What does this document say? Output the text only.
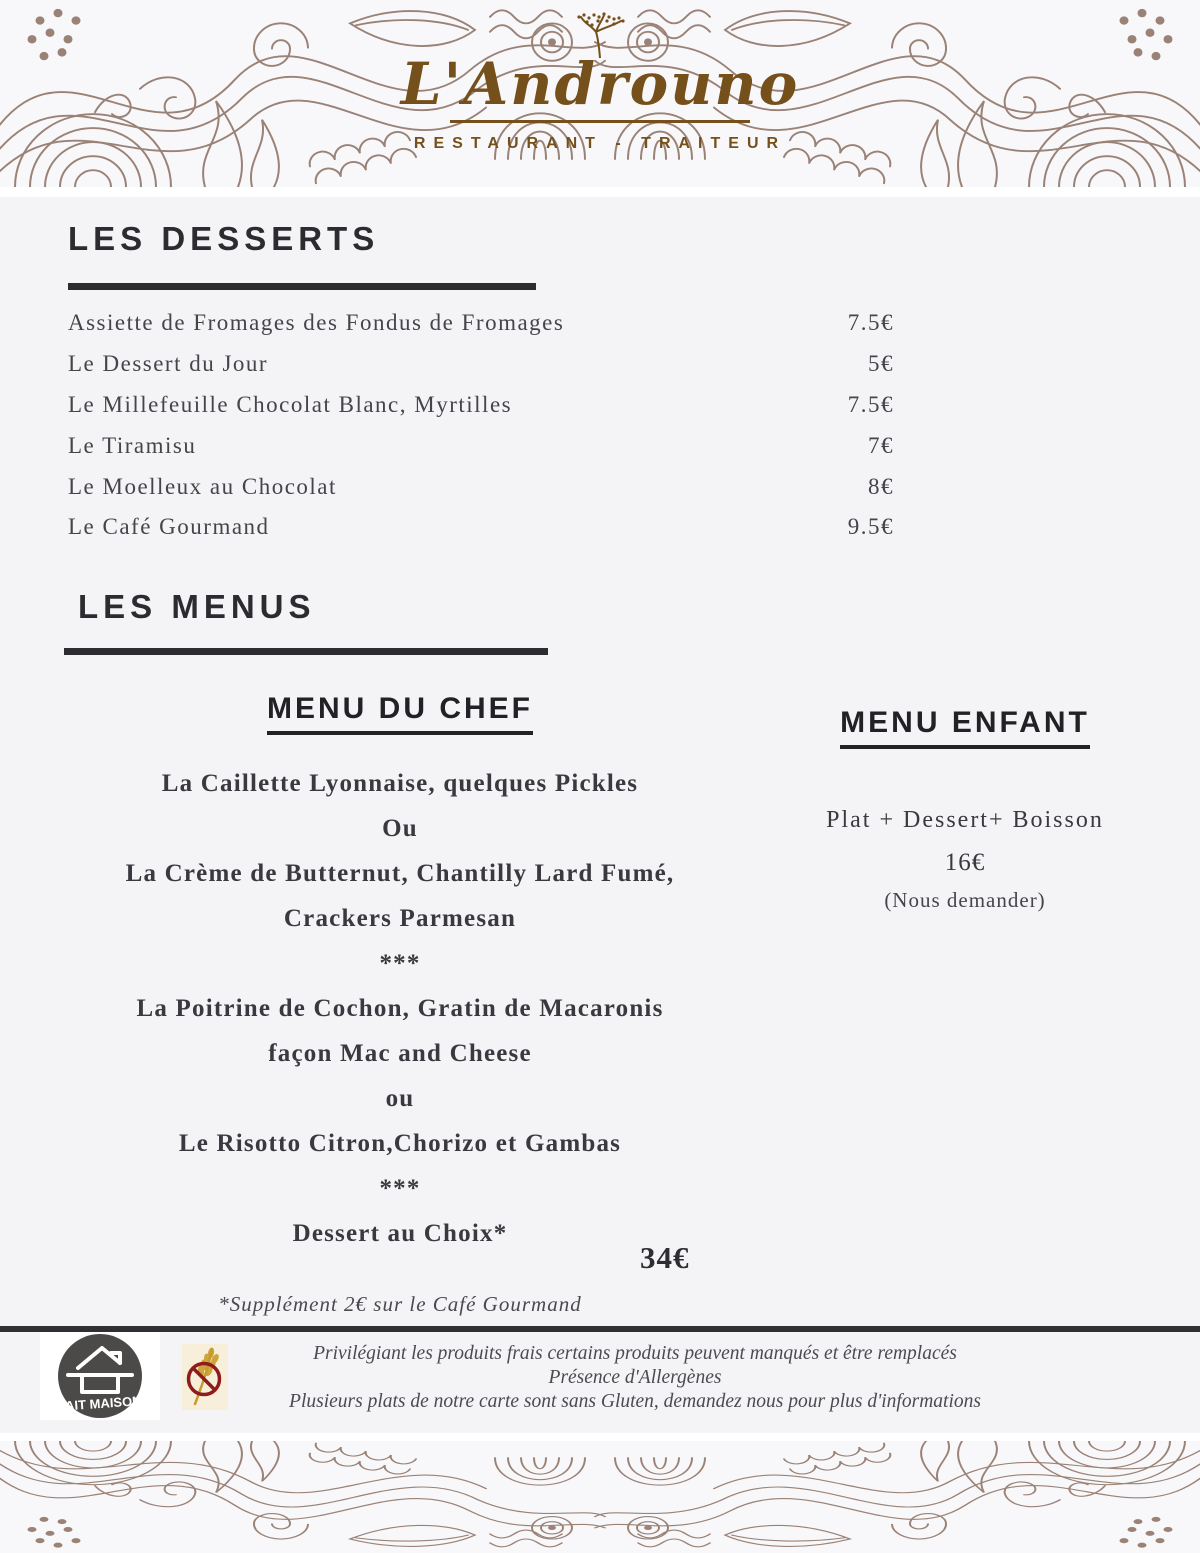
L'Androuno
RESTAURANT - TRAITEUR
LES DESSERTS
Assiette de Fromages des Fondus de Fromages	7.5€
Le Dessert du Jour	5€
Le Millefeuille Chocolat Blanc, Myrtilles	7.5€
Le Tiramisu	7€
Le Moelleux au Chocolat	8€
Le Café Gourmand	9.5€
LES MENUS
MENU DU CHEF
La Caillette Lyonnaise, quelques Pickles
Ou
La Crème de Butternut, Chantilly Lard Fumé,
Crackers Parmesan
***
La Poitrine de Cochon, Gratin de Macaronis
façon Mac and Cheese
ou
Le Risotto Citron,Chorizo et Gambas
***
Dessert au Choix*
34€
*Supplément 2€ sur le Café Gourmand
MENU ENFANT
Plat + Dessert+ Boisson
16€
(Nous demander)
FAIT MAISON
Privilégiant les produits frais certains produits peuvent manqués et être remplacés
Présence d'Allergènes
Plusieurs plats de notre carte sont sans Gluten, demandez nous pour plus d'informations
